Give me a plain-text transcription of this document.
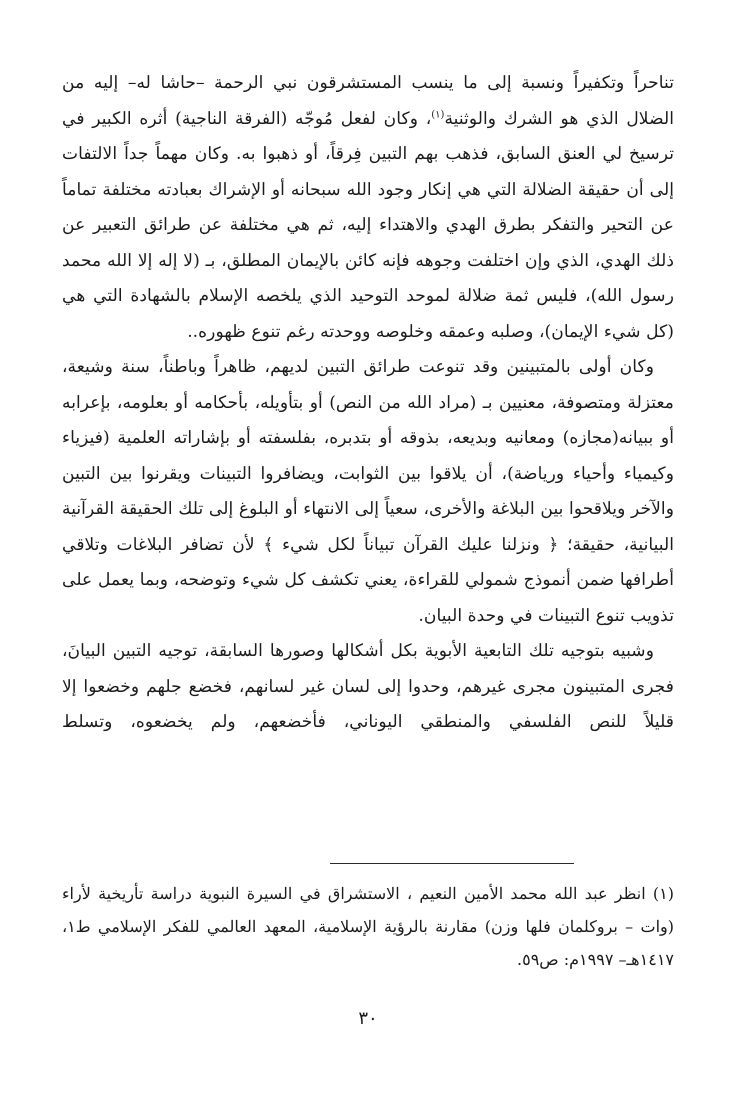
تناحراً وتكفيراً ونسبة إلى ما ينسب المستشرقون نبي الرحمة –حاشا له– إليه من الضلال الذي هو الشرك والوثنية$^{(١)}$، وكان لفعل مُوجّه (الفرقة الناجية) أثره الكبير في ترسيخ لي العنق السابق، فذهب بهم التبين فِرقاً، أو ذهبوا به. وكان مهماً جداً الالتفات إلى أن حقيقة الضلالة التي هي إنكار وجود الله سبحانه أو الإشراك بعبادته مختلفة تماماً عن التحير والتفكر بطرق الهدي والاهتداء إليه، ثم هي مختلفة عن طرائق التعبير عن ذلك الهدي، الذي وإن اختلفت وجوهه فإنه كائن بالإيمان المطلق، بـ (لا إله إلا الله محمد رسول الله)، فليس ثمة ضلالة لموحد التوحيد الذي يلخصه الإسلام بالشهادة التي هي (كل شيء الإيمان)، وصلبه وعمقه وخلوصه ووحدته رغم تنوع ظهوره..

وكان أولى بالمتبينين وقد تنوعت طرائق التبين لديهم، ظاهراً وباطناً، سنة وشيعة، معتزلة ومتصوفة، معنيين بـ (مراد الله من النص) أو بتأويله، بأحكامه أو بعلومه، بإعرابه أو ببيانه(مجازه) ومعانيه وبديعه، بذوقه أو بتدبره، بفلسفته أو بإشاراته العلمية (فيزياء وكيمياء وأحياء ورياضة)، أن يلاقوا بين الثوابت، ويضافروا التبينات ويقرنوا بين التبين والآخر ويلاقحوا بين البلاغة والأخرى، سعياً إلى الانتهاء أو البلوغ إلى تلك الحقيقة القرآنية البيانية، حقيقة؛ ﴿ ونزلنا عليك القرآن تبياناً لكل شيء ﴾ لأن تضافر البلاغات وتلاقي أطرافها ضمن أنموذج شمولي للقراءة، يعني تكشف كل شيء وتوضحه، وبما يعمل على تذويب تنوع التبينات في وحدة البيان.

وشبيه بتوجيه تلك التابعية الأبوية بكل أشكالها وصورها السابقة، توجيه التبين البيانَ، فجرى المتبينون مجرى غيرهم، وحدوا إلى لسان غير لسانهم، فخضع جلهم وخضعوا إلا قليلاً للنص الفلسفي والمنطقي اليوناني، فأخضعهم، ولم يخضعوه، وتسلط

(١) انظر عبد الله محمد الأمين النعيم ، الاستشراق في السيرة النبوية دراسة تأريخية لأراء (وات – بروكلمان فلها وزن) مقارنة بالرؤية الإسلامية، المعهد العالمي للفكر الإسلامي ط١، ١٤١٧هـ– ١٩٩٧م: ص٥٩.

٣٠
